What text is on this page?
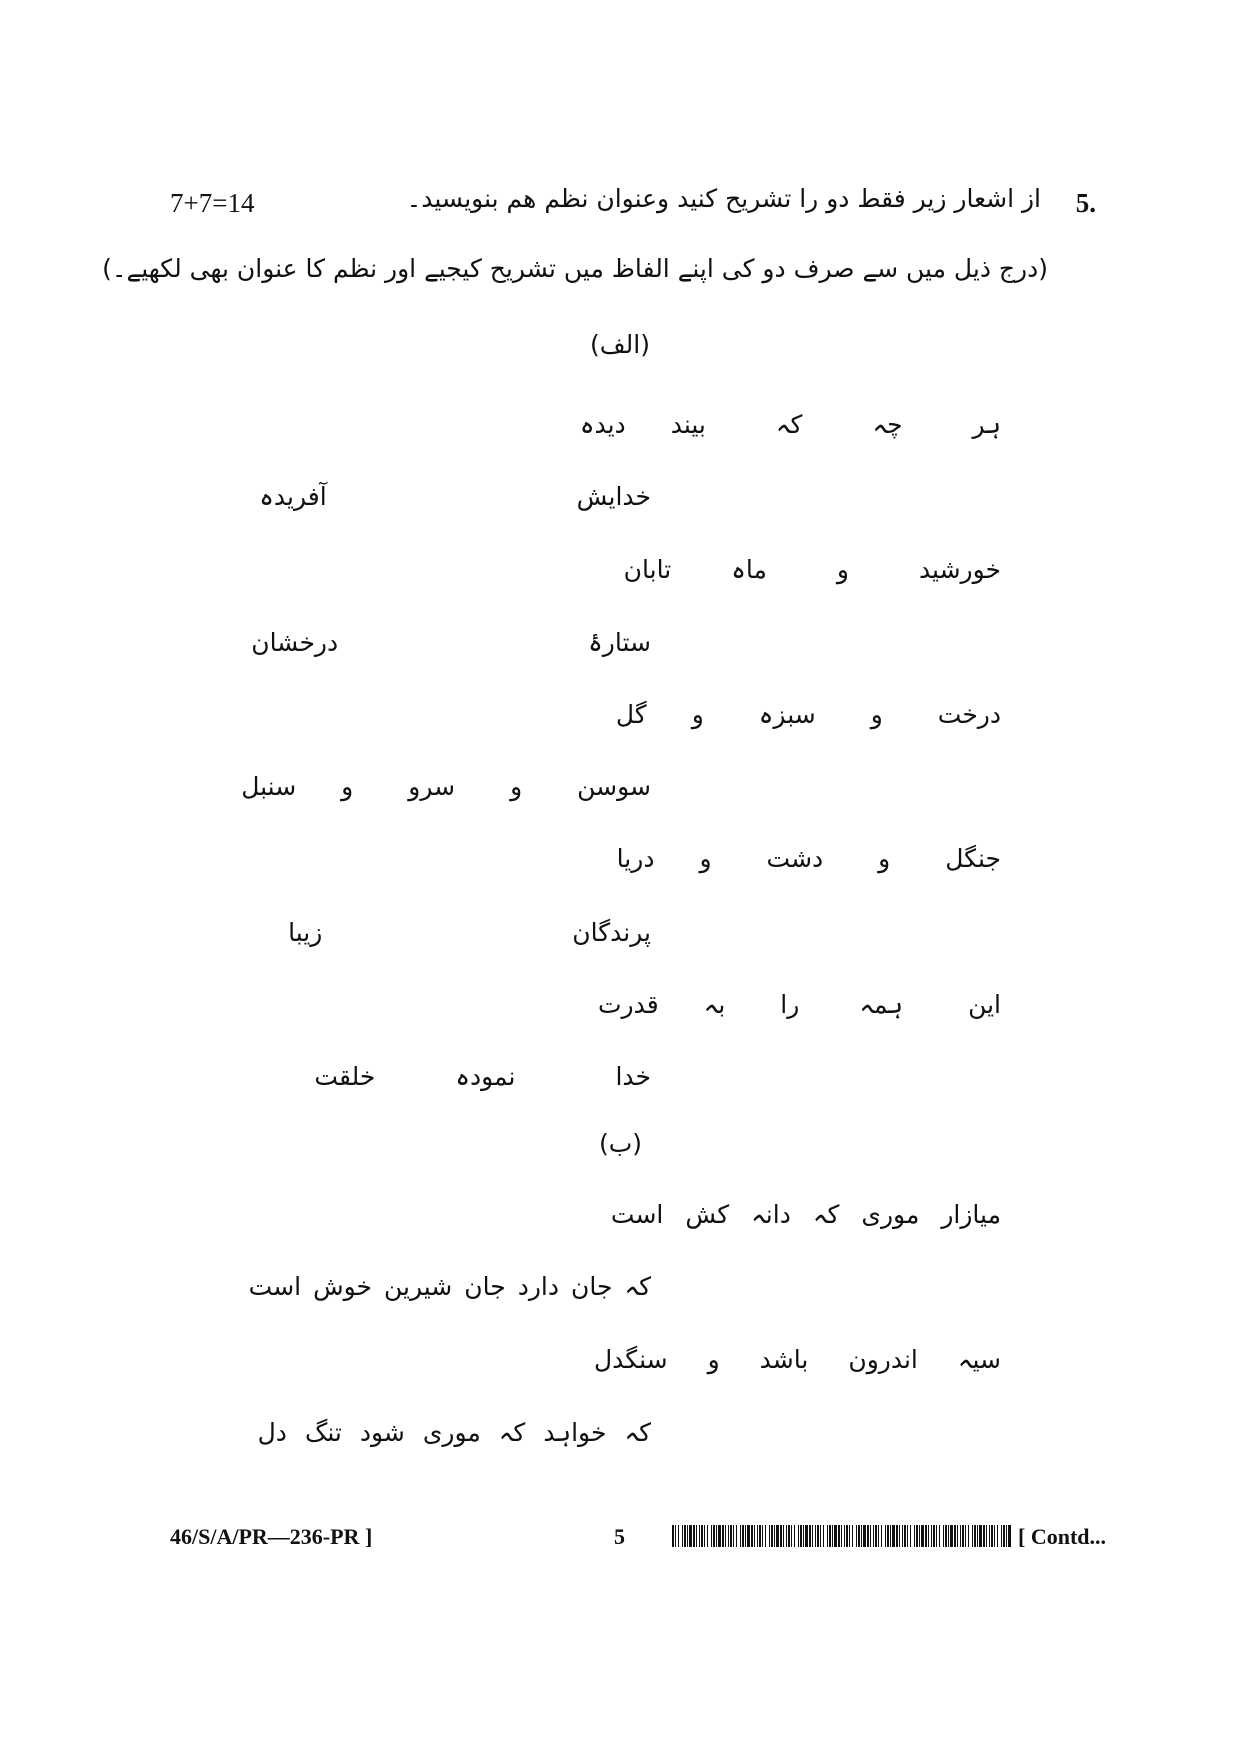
5.
7+7=14	از اشعار زیر فقط دو را تشریح کنید وعنوان نظم هم بنویسید۔
(درج ذیل میں سے صرف دو کی اپنے الفاظ میں تشریح کیجیے اور نظم کا عنوان بھی لکھیے۔)
(الف)
ہر
چہ
کہ
بیند
دیدہ
خدایش
آفریدہ
خورشید
و
ماہ
تابان
ستارۂ
درخشان
درخت
و
سبزہ
و
گل
سوسن
و
سرو
و
سنبل
جنگل
و
دشت
و
دریا
پرندگان
زیبا
این
ہمہ
را
بہ
قدرت
خدا
نمودہ
خلقت
(ب)
میازار
موری
کہ
دانہ
کش
است
کہ
جان
دارد
جان
شیرین
خوش
است
سیہ
اندرون
باشد
و
سنگدل
کہ
خواہد
کہ
موری
شود
تنگ
دل
46/S/A/PR—236-PR ]	5	[ Contd...
